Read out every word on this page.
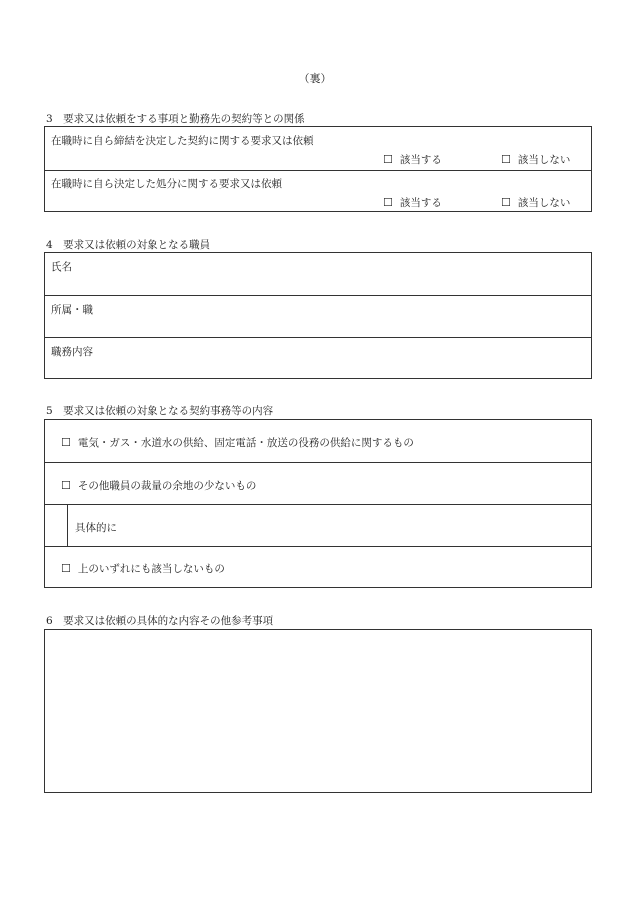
（裏）
3　要求又は依頼をする事項と勤務先の契約等との関係
在職時に自ら締結を決定した契約に関する要求又は依頼
☐ 該当する	☐ 該当しない
在職時に自ら決定した処分に関する要求又は依頼
☐ 該当する	☐ 該当しない
4　要求又は依頼の対象となる職員
氏名
所属・職
職務内容
5　要求又は依頼の対象となる契約事務等の内容
☐ 電気・ガス・水道水の供給、固定電話・放送の役務の供給に関するもの
☐ その他職員の裁量の余地の少ないもの
具体的に
☐ 上のいずれにも該当しないもの
6　要求又は依頼の具体的な内容その他参考事項
